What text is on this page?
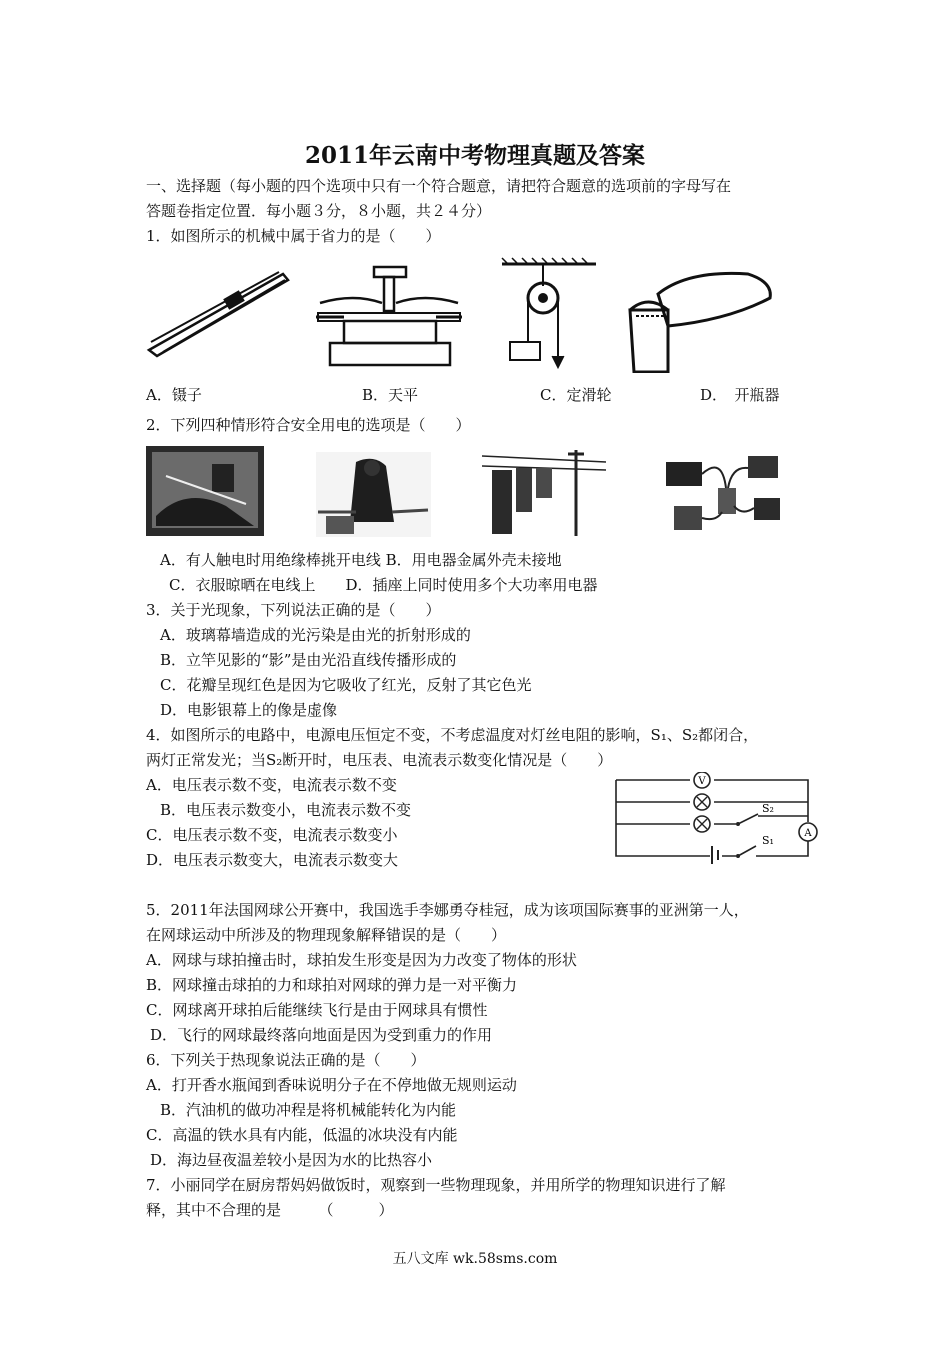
2011年云南中考物理真题及答案
一、选择题（每小题的四个选项中只有一个符合题意，请把符合题意的选项前的字母写在
答题卷指定位置．每小题３分，８小题，共２４分）
1．如图所示的机械中属于省力的是（　　）
A．镊子	B．天平	C．定滑轮	D．　开瓶器
2．下列四种情形符合安全用电的选项是（　　）
A．有人触电时用绝缘棒挑开电线 B．用电器金属外壳未接地
C．衣服晾晒在电线上　　D．插座上同时使用多个大功率用电器
3．关于光现象，下列说法正确的是（　　）
A．玻璃幕墙造成的光污染是由光的折射形成的
B．立竿见影的“影”是由光沿直线传播形成的
C．花瓣呈现红色是因为它吸收了红光，反射了其它色光
D．电影银幕上的像是虚像
4．如图所示的电路中，电源电压恒定不变，不考虑温度对灯丝电阻的影响，S₁、S₂都闭合，
两灯正常发光；当S₂断开时，电压表、电流表示数变化情况是（　　）
A．电压表示数不变，电流表示数不变
B．电压表示数变小，电流表示数不变
C．电压表示数不变，电流表示数变小
D．电压表示数变大，电流表示数变大
V
S₂
S₁
A
5．2011年法国网球公开赛中，我国选手李娜勇夺桂冠，成为该项国际赛事的亚洲第一人，
在网球运动中所涉及的物理现象解释错误的是（　　）
A．网球与球拍撞击时，球拍发生形变是因为力改变了物体的形状
B．网球撞击球拍的力和球拍对网球的弹力是一对平衡力
C．网球离开球拍后能继续飞行是由于网球具有惯性
D．飞行的网球最终落向地面是因为受到重力的作用
6．下列关于热现象说法正确的是（　　）
A．打开香水瓶闻到香味说明分子在不停地做无规则运动
B．汽油机的做功冲程是将机械能转化为内能
C．高温的铁水具有内能，低温的冰块没有内能
D．海边昼夜温差较小是因为水的比热容小
7．小丽同学在厨房帮妈妈做饭时，观察到一些物理现象，并用所学的物理知识进行了解
释，其中不合理的是　　　（　　　）
五八文库 wk.58sms.com
